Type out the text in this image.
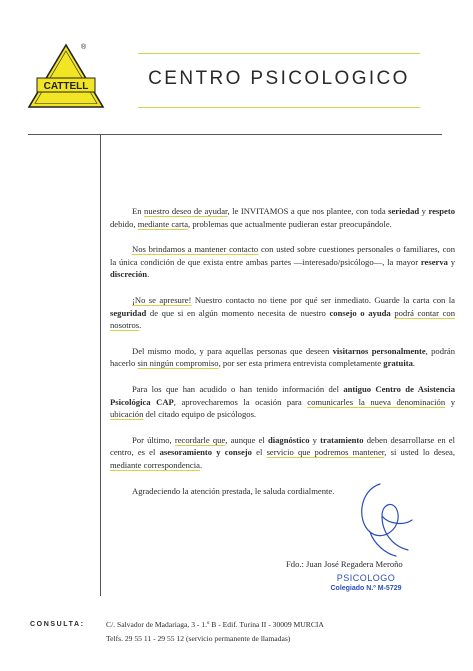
CATTELL
®
CENTRO PSICOLOGICO

En nuestro deseo de ayudar, le INVITAMOS a que nos plantee, con toda seriedad y respeto debido, mediante carta, problemas que actualmente pudieran estar preocupándole.

Nos brindamos a mantener contacto con usted sobre cuestiones personales o familiares, con la única condición de que exista entre ambas partes —interesado/psicólogo—, la mayor reserva y discreción.

¡No se apresure! Nuestro contacto no tiene por qué ser inmediato. Guarde la carta con la seguridad de que si en algún momento necesita de nuestro consejo o ayuda podrá contar con nosotros.

Del mismo modo, y para aquellas personas que deseen visitarnos personalmente, podrán hacerlo sin ningún compromiso, por ser esta primera entrevista completamente gratuita.

Para los que han acudido o han tenido información del antiguo Centro de Asistencia Psicológica CAP, aprovecharemos la ocasión para comunicarles la nueva denominación y ubicación del citado equipo de psicólogos.

Por último, recordarle que, aunque el diagnóstico y tratamiento deben desarrollarse en el centro, es el asesoramiento y consejo el servicio que podremos mantener, si usted lo desea, mediante correspondencia.

Agradeciendo la atención prestada, le saluda cordialmente.

Fdo.: Juan José Regadera Meroño
PSICOLOGO
Colegiado N.º M-5729
CONSULTA:	C/. Salvador de Madariaga, 3 - 1.º B - Edif. Turina II - 30009 MURCIA
Telfs. 29 55 11 - 29 55 12 (servicio permanente de llamadas)
